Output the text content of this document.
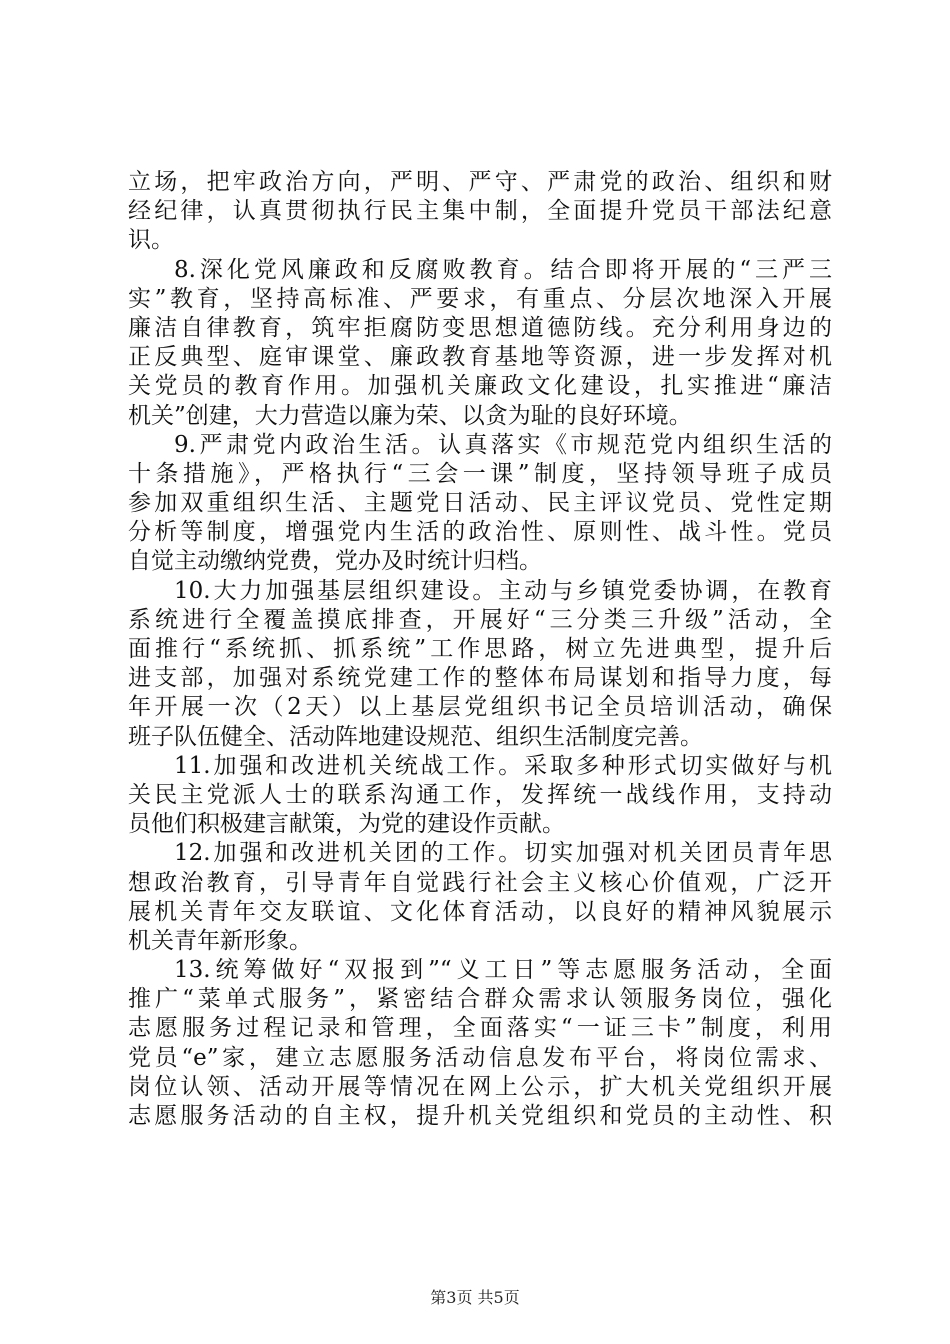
立场，把牢政治方向，严明、严守、严肃党的政治、组织和财
经纪律，认真贯彻执行民主集中制，全面提升党员干部法纪意
识。
8.深化党风廉政和反腐败教育。结合即将开展的“三严三
实”教育，坚持高标准、严要求，有重点、分层次地深入开展
廉洁自律教育，筑牢拒腐防变思想道德防线。充分利用身边的
正反典型、庭审课堂、廉政教育基地等资源，进一步发挥对机
关党员的教育作用。加强机关廉政文化建设，扎实推进“廉洁
机关”创建，大力营造以廉为荣、以贪为耻的良好环境。
9.严肃党内政治生活。认真落实《市规范党内组织生活的
十条措施》，严格执行“三会一课”制度，坚持领导班子成员
参加双重组织生活、主题党日活动、民主评议党员、党性定期
分析等制度，增强党内生活的政治性、原则性、战斗性。党员
自觉主动缴纳党费，党办及时统计归档。
10.大力加强基层组织建设。主动与乡镇党委协调，在教育
系统进行全覆盖摸底排查，开展好“三分类三升级”活动，全
面推行“系统抓、抓系统”工作思路，树立先进典型，提升后
进支部，加强对系统党建工作的整体布局谋划和指导力度，每
年开展一次（2天）以上基层党组织书记全员培训活动，确保
班子队伍健全、活动阵地建设规范、组织生活制度完善。
11.加强和改进机关统战工作。采取多种形式切实做好与机
关民主党派人士的联系沟通工作，发挥统一战线作用，支持动
员他们积极建言献策，为党的建设作贡献。
12.加强和改进机关团的工作。切实加强对机关团员青年思
想政治教育，引导青年自觉践行社会主义核心价值观，广泛开
展机关青年交友联谊、文化体育活动，以良好的精神风貌展示
机关青年新形象。
13.统筹做好“双报到”“义工日”等志愿服务活动，全面
推广“菜单式服务”，紧密结合群众需求认领服务岗位，强化
志愿服务过程记录和管理，全面落实“一证三卡”制度，利用
党员“e”家，建立志愿服务活动信息发布平台，将岗位需求、
岗位认领、活动开展等情况在网上公示，扩大机关党组织开展
志愿服务活动的自主权，提升机关党组织和党员的主动性、积
第3页 共5页
